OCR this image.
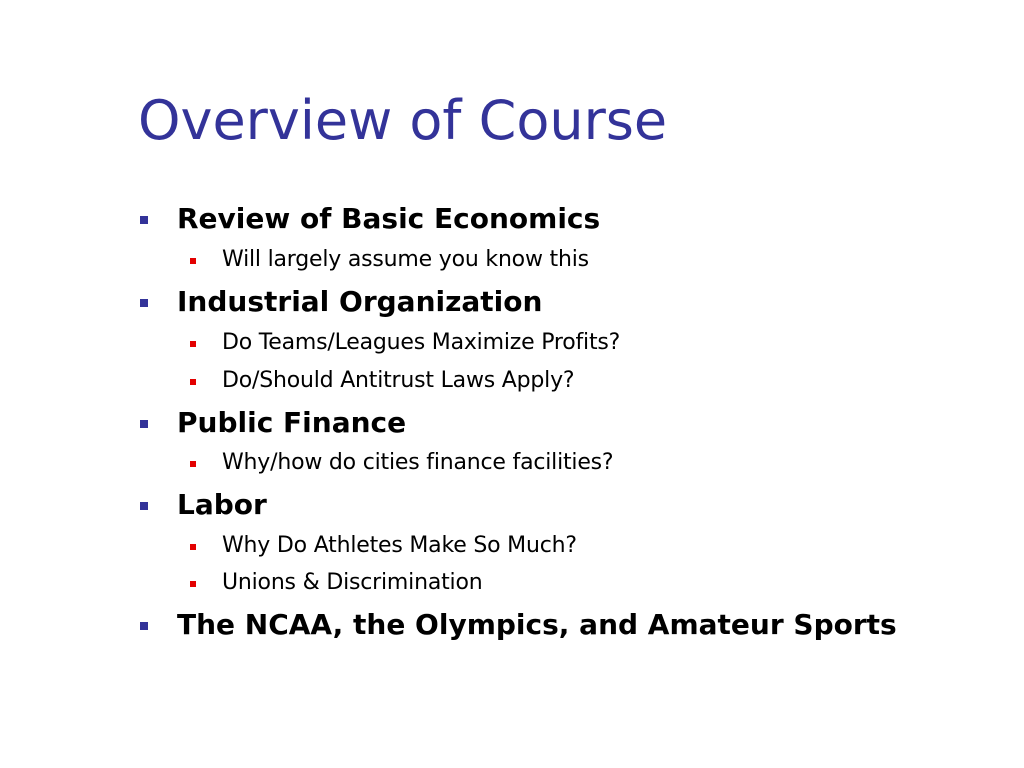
Overview of Course
Review of Basic Economics
Will largely assume you know this
Industrial Organization
Do Teams/Leagues Maximize Profits?
Do/Should Antitrust Laws Apply?
Public Finance
Why/how do cities finance facilities?
Labor
Why Do Athletes Make So Much?
Unions & Discrimination
The NCAA, the Olympics, and Amateur Sports
